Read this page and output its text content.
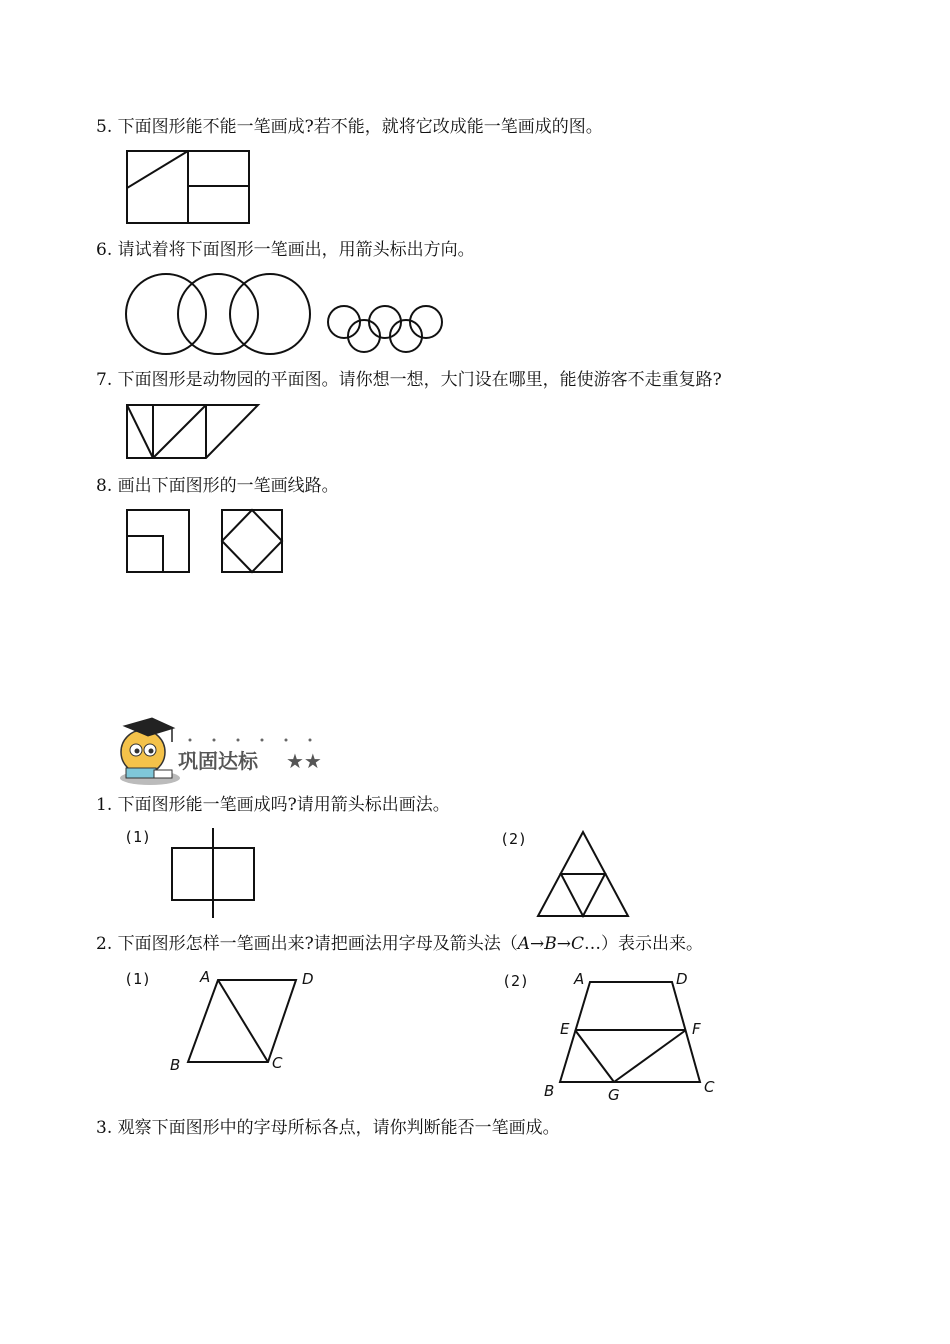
5. 下面图形能不能一笔画成?若不能，就将它改成能一笔画成的图。
6. 请试着将下面图形一笔画出，用箭头标出方向。
7. 下面图形是动物园的平面图。请你想一想，大门设在哪里，能使游客不走重复路?
8. 画出下面图形的一笔画线路。
巩固达标 ★★
1. 下面图形能一笔画成吗?请用箭头标出画法。
(1)	(2)
2. 下面图形怎样一笔画出来?请把画法用字母及箭头法（A→B→C…）表示出来。
(1)	A	D
B	C
(2)	A	D
E	F
B	G	C
3. 观察下面图形中的字母所标各点，请你判断能否一笔画成。
